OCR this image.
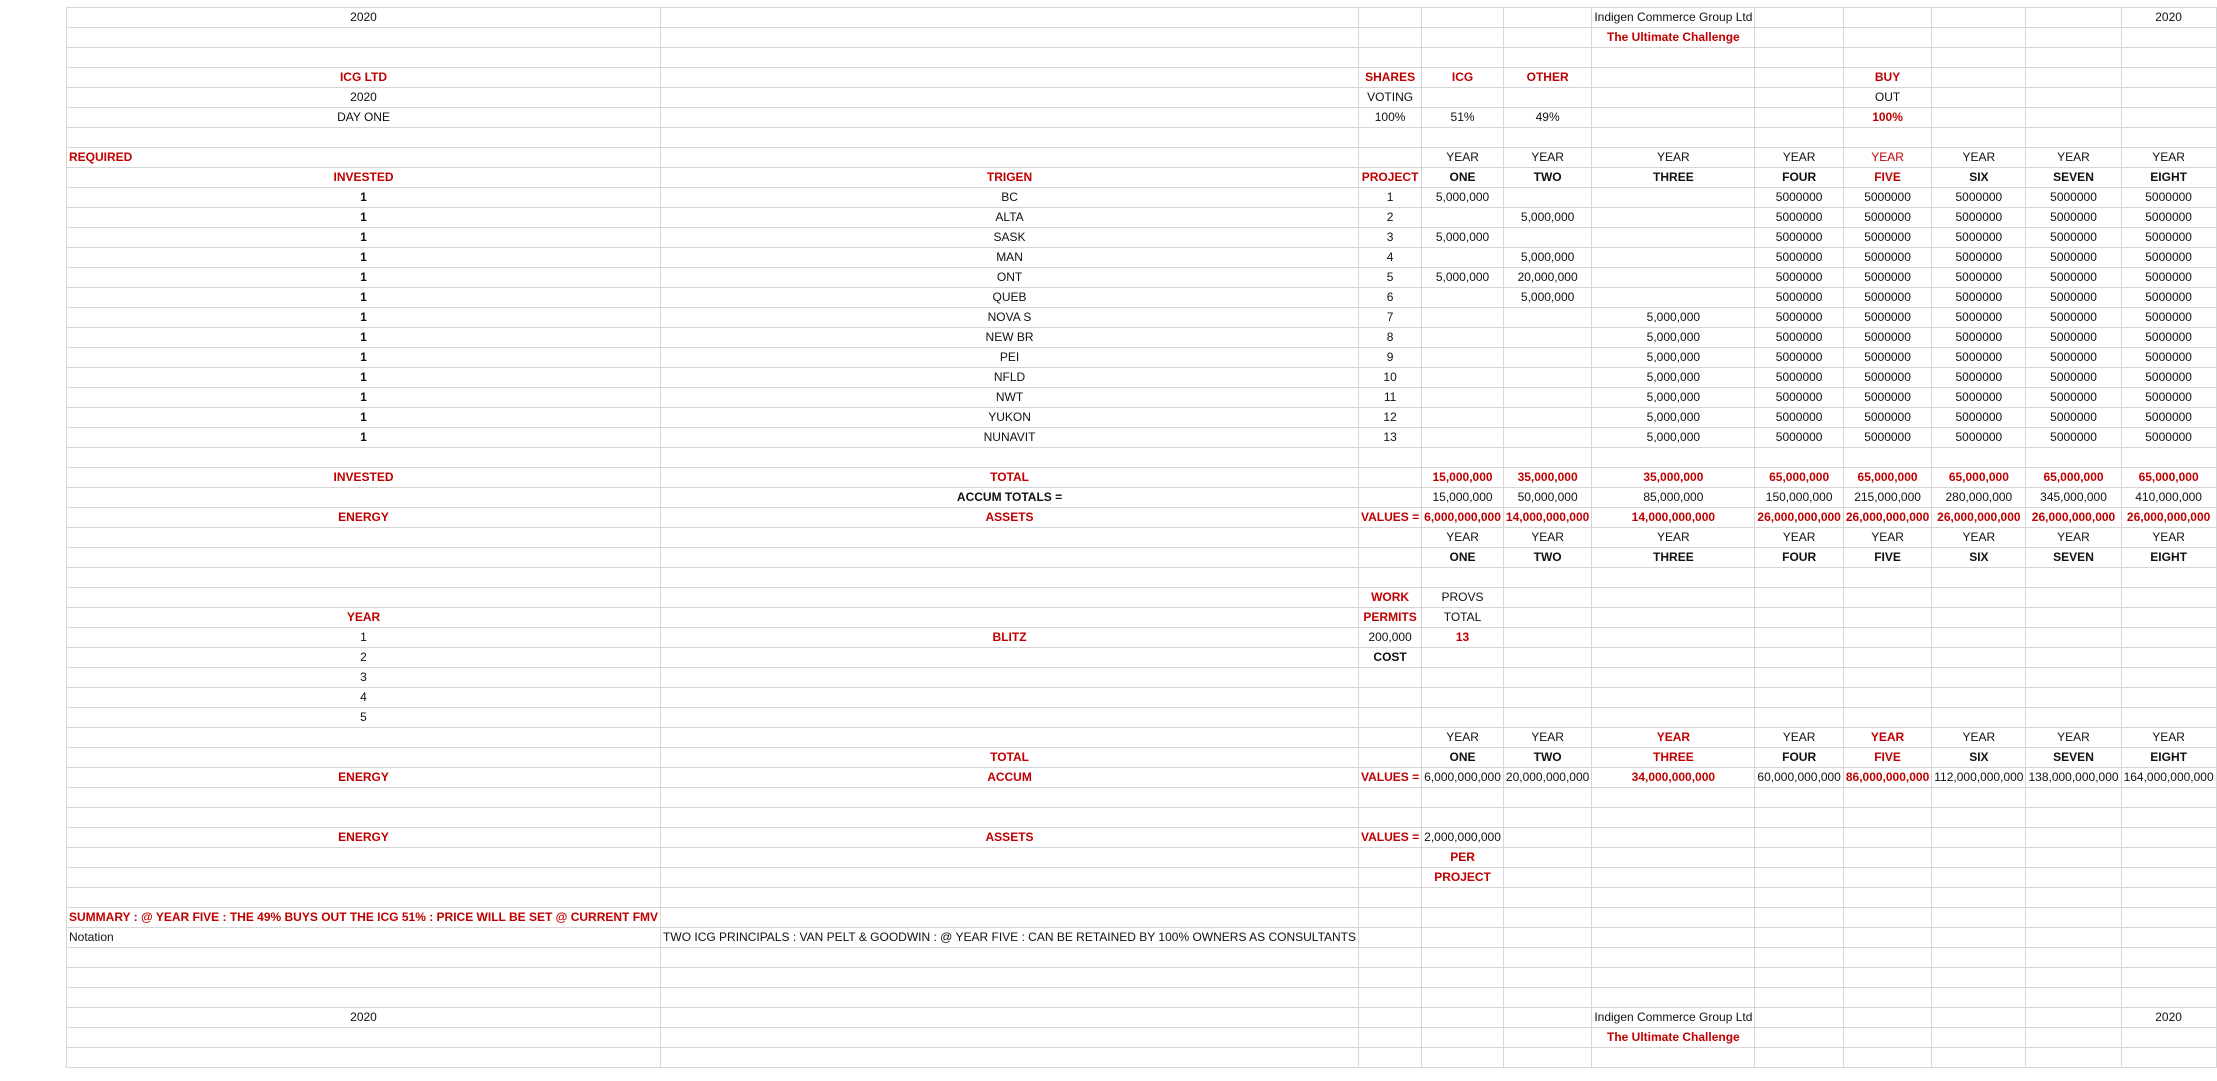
2020					Indigen Commerce Group Ltd					2020
					The Ultimate Challenge					

ICG LTD		SHARES	ICG	OTHER			BUY			
2020		VOTING					OUT			
DAY ONE		100%	51%	49%			100%			

REQUIRED			YEAR	YEAR	YEAR	YEAR	YEAR	YEAR	YEAR	YEAR
INVESTED	TRIGEN	PROJECT	ONE	TWO	THREE	FOUR	FIVE	SIX	SEVEN	EIGHT
1	BC	1	5,000,000			5000000	5000000	5000000	5000000	5000000
1	ALTA	2		5,000,000		5000000	5000000	5000000	5000000	5000000
1	SASK	3	5,000,000			5000000	5000000	5000000	5000000	5000000
1	MAN	4		5,000,000		5000000	5000000	5000000	5000000	5000000
1	ONT	5	5,000,000	20,000,000		5000000	5000000	5000000	5000000	5000000
1	QUEB	6		5,000,000		5000000	5000000	5000000	5000000	5000000
1	NOVA S	7			5,000,000	5000000	5000000	5000000	5000000	5000000
1	NEW BR	8			5,000,000	5000000	5000000	5000000	5000000	5000000
1	PEI	9			5,000,000	5000000	5000000	5000000	5000000	5000000
1	NFLD	10			5,000,000	5000000	5000000	5000000	5000000	5000000
1	NWT	11			5,000,000	5000000	5000000	5000000	5000000	5000000
1	YUKON	12			5,000,000	5000000	5000000	5000000	5000000	5000000
1	NUNAVIT	13			5,000,000	5000000	5000000	5000000	5000000	5000000

INVESTED	TOTAL		15,000,000	35,000,000	35,000,000	65,000,000	65,000,000	65,000,000	65,000,000	65,000,000
	ACCUM TOTALS =		15,000,000	50,000,000	85,000,000	150,000,000	215,000,000	280,000,000	345,000,000	410,000,000
ENERGY	ASSETS	VALUES =	6,000,000,000	14,000,000,000	14,000,000,000	26,000,000,000	26,000,000,000	26,000,000,000	26,000,000,000	26,000,000,000
			YEAR	YEAR	YEAR	YEAR	YEAR	YEAR	YEAR	YEAR
			ONE	TWO	THREE	FOUR	FIVE	SIX	SEVEN	EIGHT

		WORK	PROVS							
YEAR		PERMITS	TOTAL							
1	BLITZ	200,000	13							
2		COST								
3										
4										
5										
			YEAR	YEAR	YEAR	YEAR	YEAR	YEAR	YEAR	YEAR
	TOTAL		ONE	TWO	THREE	FOUR	FIVE	SIX	SEVEN	EIGHT
ENERGY	ACCUM	VALUES =	6,000,000,000	20,000,000,000	34,000,000,000	60,000,000,000	86,000,000,000	112,000,000,000	138,000,000,000	164,000,000,000

ENERGY	ASSETS	VALUES =	2,000,000,000							
			PER							
			PROJECT							

SUMMARY : @ YEAR FIVE : THE 49% BUYS OUT THE ICG 51% : PRICE WILL BE SET @ CURRENT FMV										
Notation	TWO ICG PRINCIPALS : VAN PELT & GOODWIN : @ YEAR FIVE : CAN BE RETAINED BY 100% OWNERS AS CONSULTANTS									

2020					Indigen Commerce Group Ltd					2020
					The Ultimate Challenge					
